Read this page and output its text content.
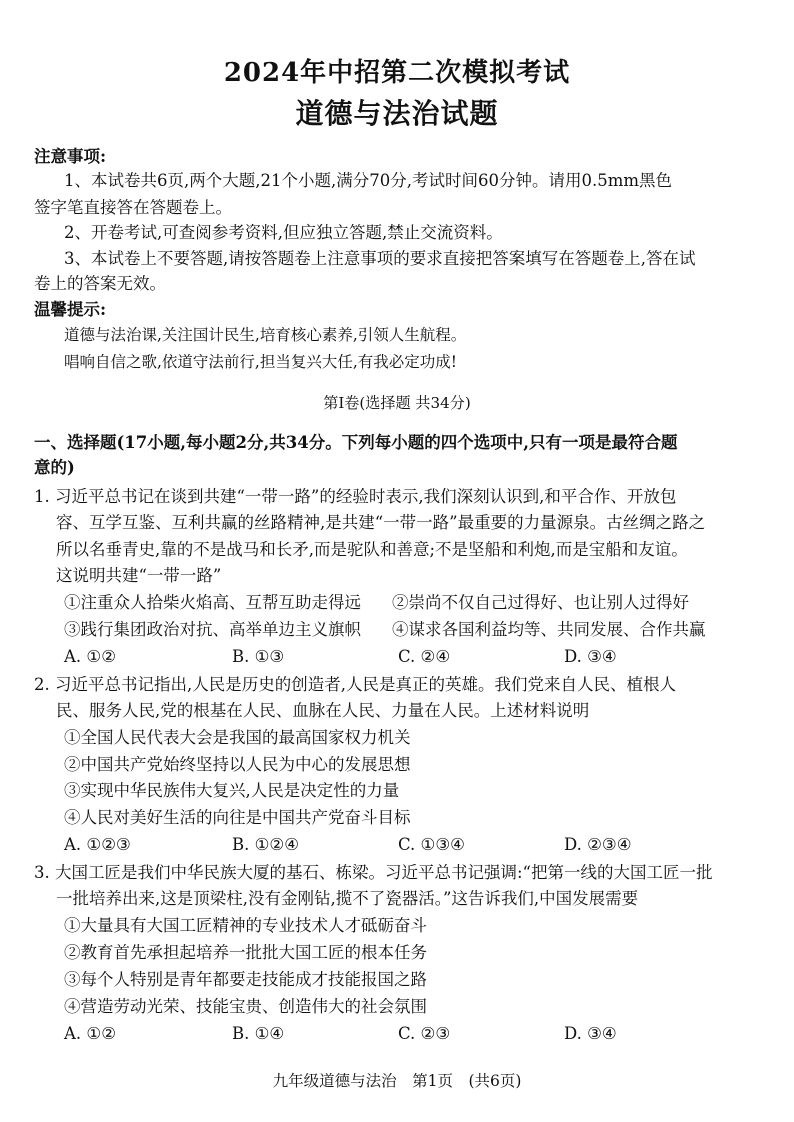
2024年中招第二次模拟考试
道德与法治试题
注意事项:
1、本试卷共6页,两个大题,21个小题,满分70分,考试时间60分钟。请用0.5mm黑色
签字笔直接答在答题卷上。
2、开卷考试,可查阅参考资料,但应独立答题,禁止交流资料。
3、本试卷上不要答题,请按答题卷上注意事项的要求直接把答案填写在答题卷上,答在试
卷上的答案无效。
温馨提示:
道德与法治课,关注国计民生,培育核心素养,引领人生航程。
唱响自信之歌,依道守法前行,担当复兴大任,有我必定功成!
第Ⅰ卷(选择题 共34分)
一、选择题(17小题,每小题2分,共34分。下列每小题的四个选项中,只有一项是最符合题
意的)
1. 习近平总书记在谈到共建“一带一路”的经验时表示,我们深刻认识到,和平合作、开放包
容、互学互鉴、互利共赢的丝路精神,是共建“一带一路”最重要的力量源泉。古丝绸之路之
所以名垂青史,靠的不是战马和长矛,而是驼队和善意;不是坚船和利炮,而是宝船和友谊。
这说明共建“一带一路”
①注重众人拾柴火焰高、互帮互助走得远 ②崇尚不仅自己过得好、也让别人过得好
③践行集团政治对抗、高举单边主义旗帜 ④谋求各国利益均等、共同发展、合作共赢
A. ①②	B. ①③	C. ②④	D. ③④
2. 习近平总书记指出,人民是历史的创造者,人民是真正的英雄。我们党来自人民、植根人
民、服务人民,党的根基在人民、血脉在人民、力量在人民。上述材料说明
①全国人民代表大会是我国的最高国家权力机关
②中国共产党始终坚持以人民为中心的发展思想
③实现中华民族伟大复兴,人民是决定性的力量
④人民对美好生活的向往是中国共产党奋斗目标
A. ①②③	B. ①②④	C. ①③④	D. ②③④
3. 大国工匠是我们中华民族大厦的基石、栋梁。习近平总书记强调:“把第一线的大国工匠一批
一批培养出来,这是顶梁柱,没有金刚钻,揽不了瓷器活。”这告诉我们,中国发展需要
①大量具有大国工匠精神的专业技术人才砥砺奋斗
②教育首先承担起培养一批批大国工匠的根本任务
③每个人特别是青年都要走技能成才技能报国之路
④营造劳动光荣、技能宝贵、创造伟大的社会氛围
A. ①②	B. ①④	C. ②③	D. ③④
九年级道德与法治　第1页　(共6页)
